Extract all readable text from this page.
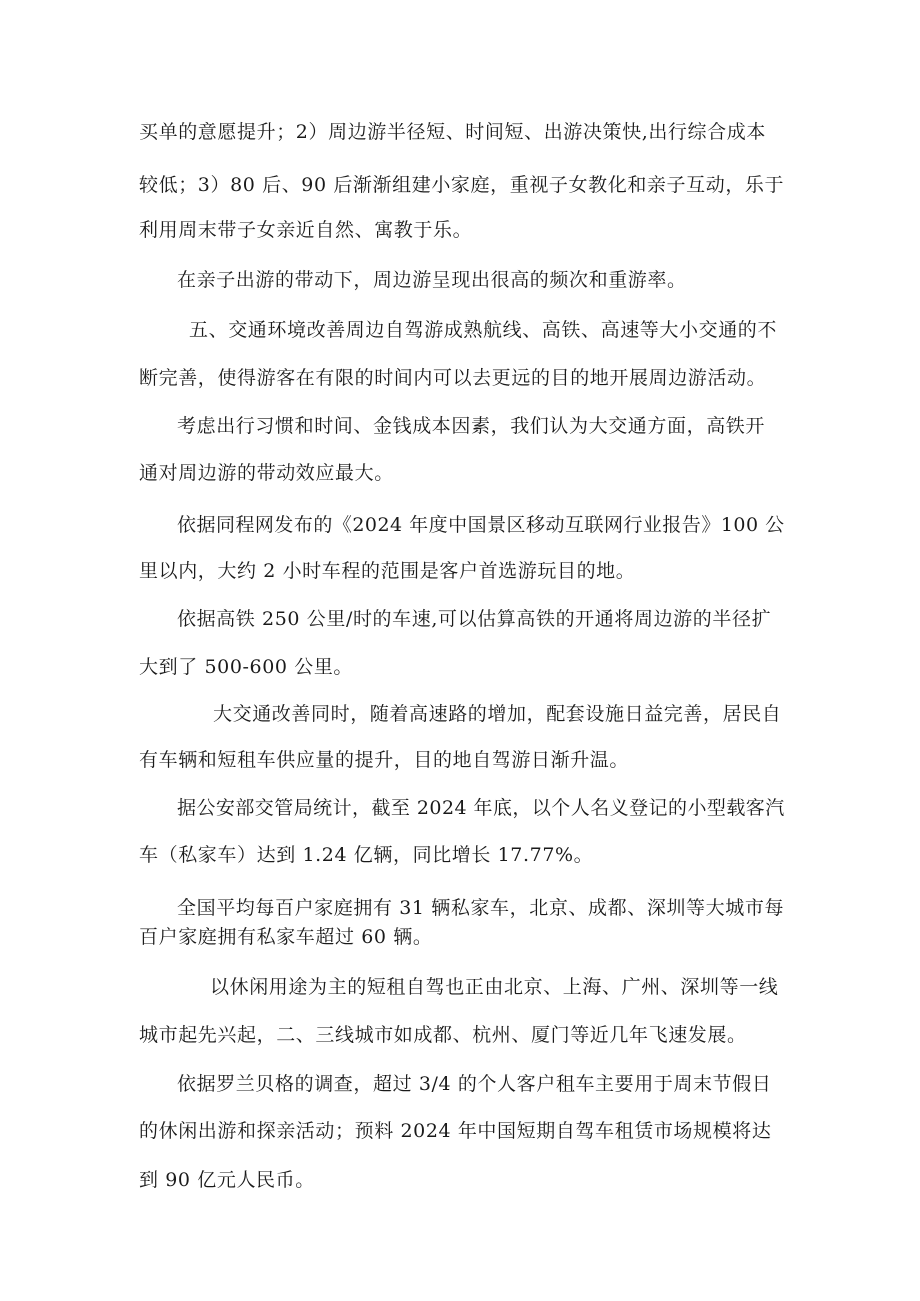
买单的意愿提升；2）周边游半径短、时间短、出游决策快,出行综合成本

较低；3）80 后、90 后渐渐组建小家庭，重视子女教化和亲子互动，乐于

利用周末带子女亲近自然、寓教于乐。

在亲子出游的带动下，周边游呈现出很高的频次和重游率。

五、交通环境改善周边自驾游成熟航线、高铁、高速等大小交通的不

断完善，使得游客在有限的时间内可以去更远的目的地开展周边游活动。

考虑出行习惯和时间、金钱成本因素，我们认为大交通方面，高铁开

通对周边游的带动效应最大。

依据同程网发布的《2024 年度中国景区移动互联网行业报告》100 公

里以内，大约 2 小时车程的范围是客户首选游玩目的地。

依据高铁 250 公里/时的车速,可以估算高铁的开通将周边游的半径扩

大到了 500-600 公里。

大交通改善同时，随着高速路的增加，配套设施日益完善，居民自

有车辆和短租车供应量的提升，目的地自驾游日渐升温。

据公安部交管局统计，截至 2024 年底，以个人名义登记的小型载客汽

车（私家车）达到 1.24 亿辆，同比增长 17.77%。

全国平均每百户家庭拥有 31 辆私家车，北京、成都、深圳等大城市每

百户家庭拥有私家车超过 60 辆。

以休闲用途为主的短租自驾也正由北京、上海、广州、深圳等一线

城市起先兴起，二、三线城市如成都、杭州、厦门等近几年飞速发展。

依据罗兰贝格的调查，超过 3/4 的个人客户租车主要用于周末节假日

的休闲出游和探亲活动；预料 2024 年中国短期自驾车租赁市场规模将达

到 90 亿元人民币。
